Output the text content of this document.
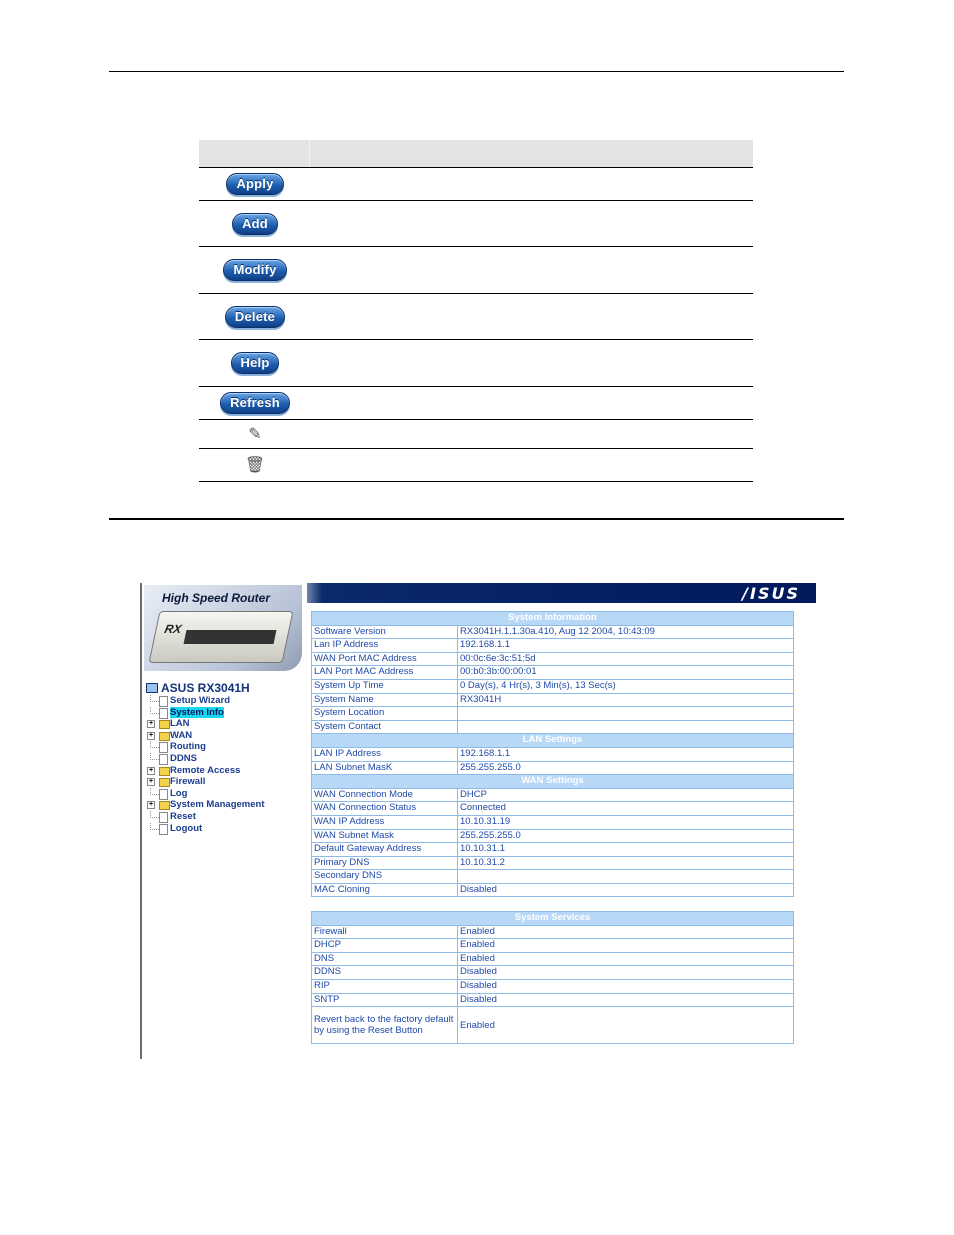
Apply
Add
Modify
Delete
Help
Refresh
✎
🗑
/ISUS
High Speed Router
RX
ASUS RX3041H
Setup Wizard
System Info
+ LAN
+ WAN
Routing
DDNS
+ Remote Access
+ Firewall
Log
+ System Management
Reset
Logout
System Information	
Software Version	RX3041H.1.1.30a.410, Aug 12 2004, 10:43:09
Lan IP Address	192.168.1.1
WAN Port MAC Address	00:0c:6e:3c:51:5d
LAN Port MAC Address	00:b0:3b:00:00:01
System Up Time	0 Day(s), 4 Hr(s), 3 Min(s), 13 Sec(s)
System Name	RX3041H
System Location	
System Contact	
LAN Settings	
LAN IP Address	192.168.1.1
LAN Subnet MasK	255.255.255.0
WAN Settings	
WAN Connection Mode	DHCP
WAN Connection Status	Connected
WAN IP Address	10.10.31.19
WAN Subnet Mask	255.255.255.0
Default Gateway Address	10.10.31.1
Primary DNS	10.10.31.2
Secondary DNS	
MAC Cloning	Disabled
System Services	
Firewall	Enabled
DHCP	Enabled
DNS	Enabled
DDNS	Disabled
RIP	Disabled
SNTP	Disabled
Revert back to the factory default by using the Reset Button	Enabled
